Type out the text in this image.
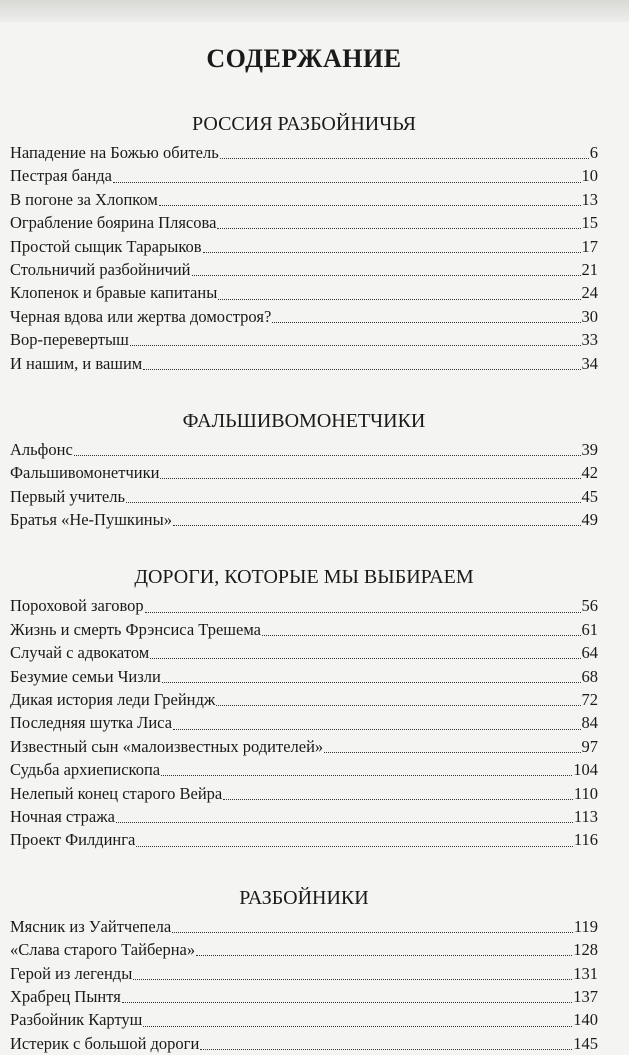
СОДЕРЖАНИЕ
РОССИЯ РАЗБОЙНИЧЬЯ
Нападение на Божью обитель	6
Пестрая банда	10
В погоне за Хлопком	13
Ограбление боярина Плясова	15
Простой сыщик Тарарыков	17
Стольничий разбойничий	21
Клопенок и бравые капитаны	24
Черная вдова или жертва домостроя?	30
Вор-перевертыш	33
И нашим, и вашим	34
ФАЛЬШИВОМОНЕТЧИКИ
Альфонс	39
Фальшивомонетчики	42
Первый учитель	45
Братья «Не-Пушкины»	49
ДОРОГИ, КОТОРЫЕ МЫ ВЫБИРАЕМ
Пороховой заговор	56
Жизнь и смерть Фрэнсиса Трешема	61
Случай с адвокатом	64
Безумие семьи Чизли	68
Дикая история леди Грейндж	72
Последняя шутка Лиса	84
Известный сын «малоизвестных родителей»	97
Судьба архиепископа	104
Нелепый конец старого Вейра	110
Ночная стража	113
Проект Филдинга	116
РАЗБОЙНИКИ
Мясник из Уайтчепела	119
«Слава старого Тайберна»	128
Герой из легенды	131
Храбрец Пынтя	137
Разбойник Картуш	140
Истерик с большой дороги	145
